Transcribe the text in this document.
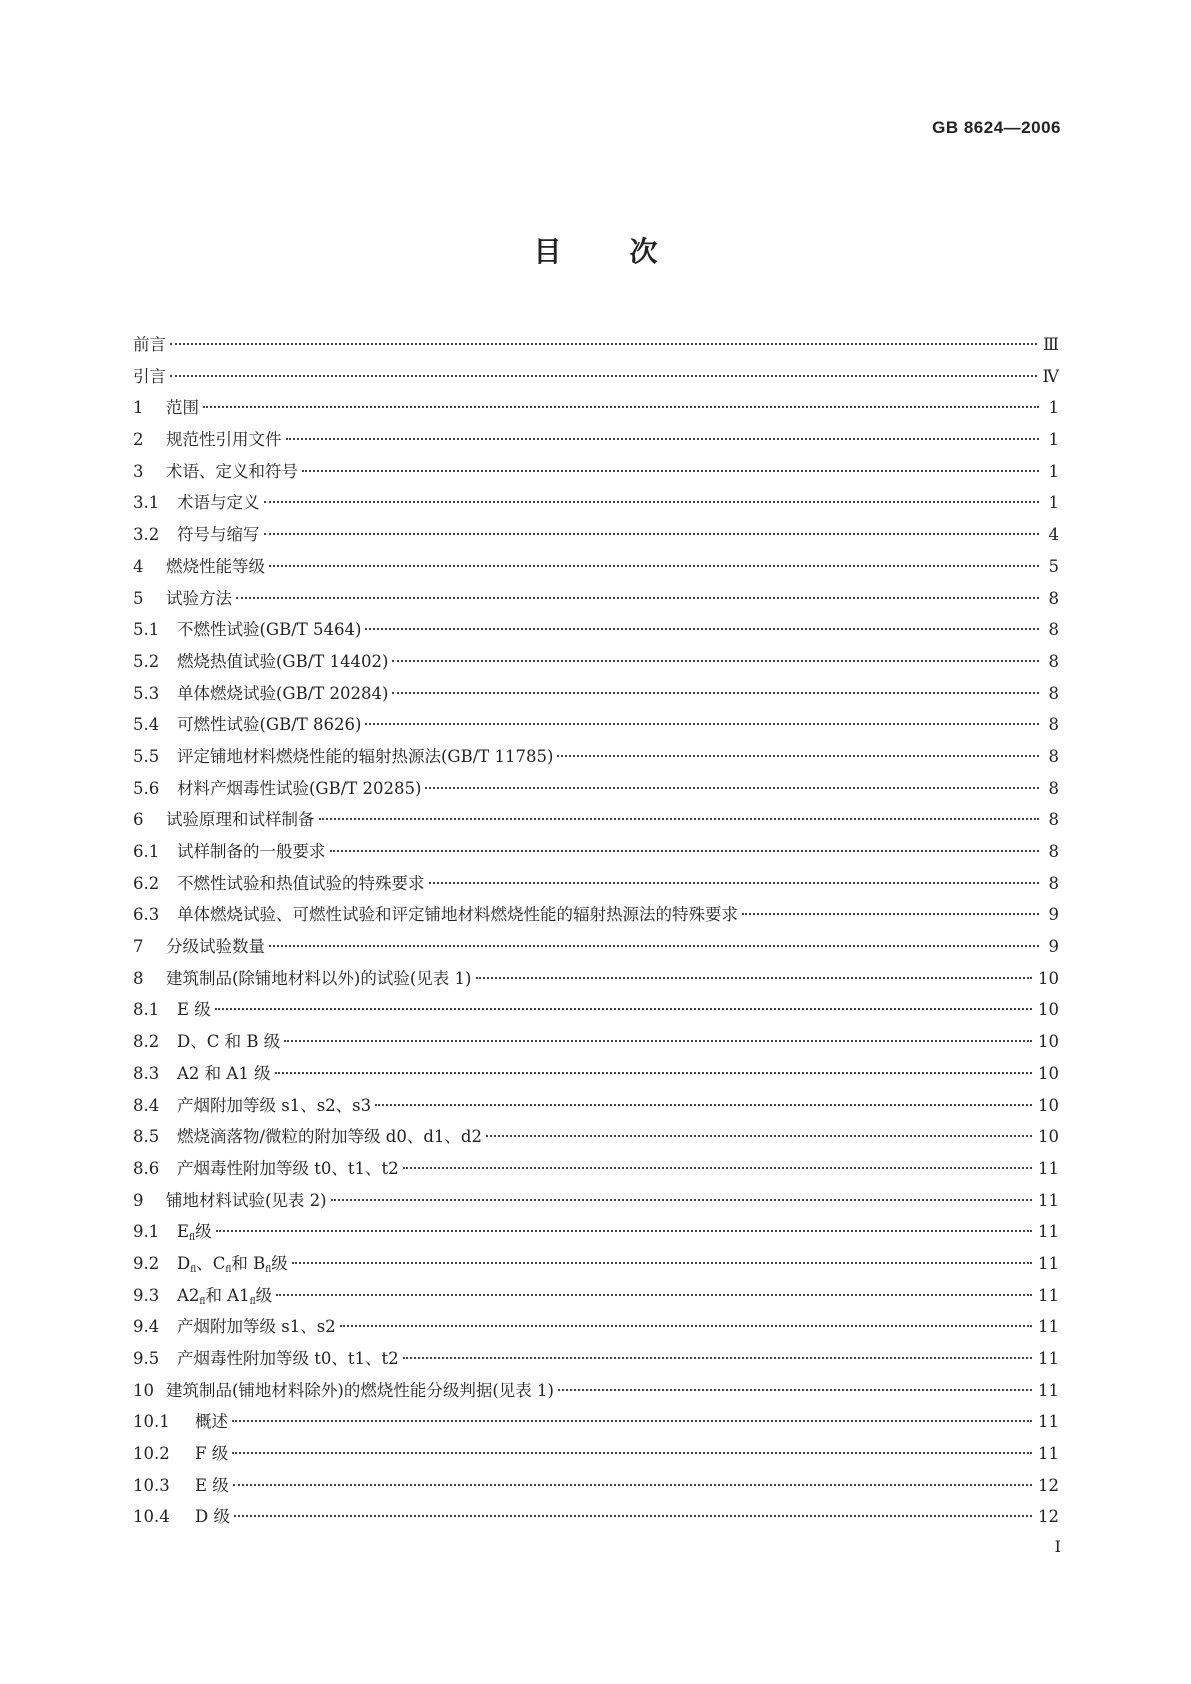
GB 8624—2006
目次
前言	Ⅲ
引言	Ⅳ
1	范围	1
2	规范性引用文件	1
3	术语、定义和符号	1
3.1	术语与定义	1
3.2	符号与缩写	4
4	燃烧性能等级	5
5	试验方法	8
5.1	不燃性试验(GB/T 5464)	8
5.2	燃烧热值试验(GB/T 14402)	8
5.3	单体燃烧试验(GB/T 20284)	8
5.4	可燃性试验(GB/T 8626)	8
5.5	评定铺地材料燃烧性能的辐射热源法(GB/T 11785)	8
5.6	材料产烟毒性试验(GB/T 20285)	8
6	试验原理和试样制备	8
6.1	试样制备的一般要求	8
6.2	不燃性试验和热值试验的特殊要求	8
6.3	单体燃烧试验、可燃性试验和评定铺地材料燃烧性能的辐射热源法的特殊要求	9
7	分级试验数量	9
8	建筑制品(除铺地材料以外)的试验(见表 1)	10
8.1	E 级	10
8.2	D、C 和 B 级	10
8.3	A2 和 A1 级	10
8.4	产烟附加等级 s1、s2、s3	10
8.5	燃烧滴落物/微粒的附加等级 d0、d1、d2	10
8.6	产烟毒性附加等级 t0、t1、t2	11
9	铺地材料试验(见表 2)	11
9.1	$E_{fl}$级	11
9.2	$D_{fl}$、$C_{fl}$和 $B_{fl}$级	11
9.3	$A2_{fl}$和 $A1_{fl}$级	11
9.4	产烟附加等级 s1、s2	11
9.5	产烟毒性附加等级 t0、t1、t2	11
10 建筑制品(铺地材料除外)的燃烧性能分级判据(见表 1)	11
10.1	概述	11
10.2	F 级	11
10.3	E 级	12
10.4	D 级	12
I
